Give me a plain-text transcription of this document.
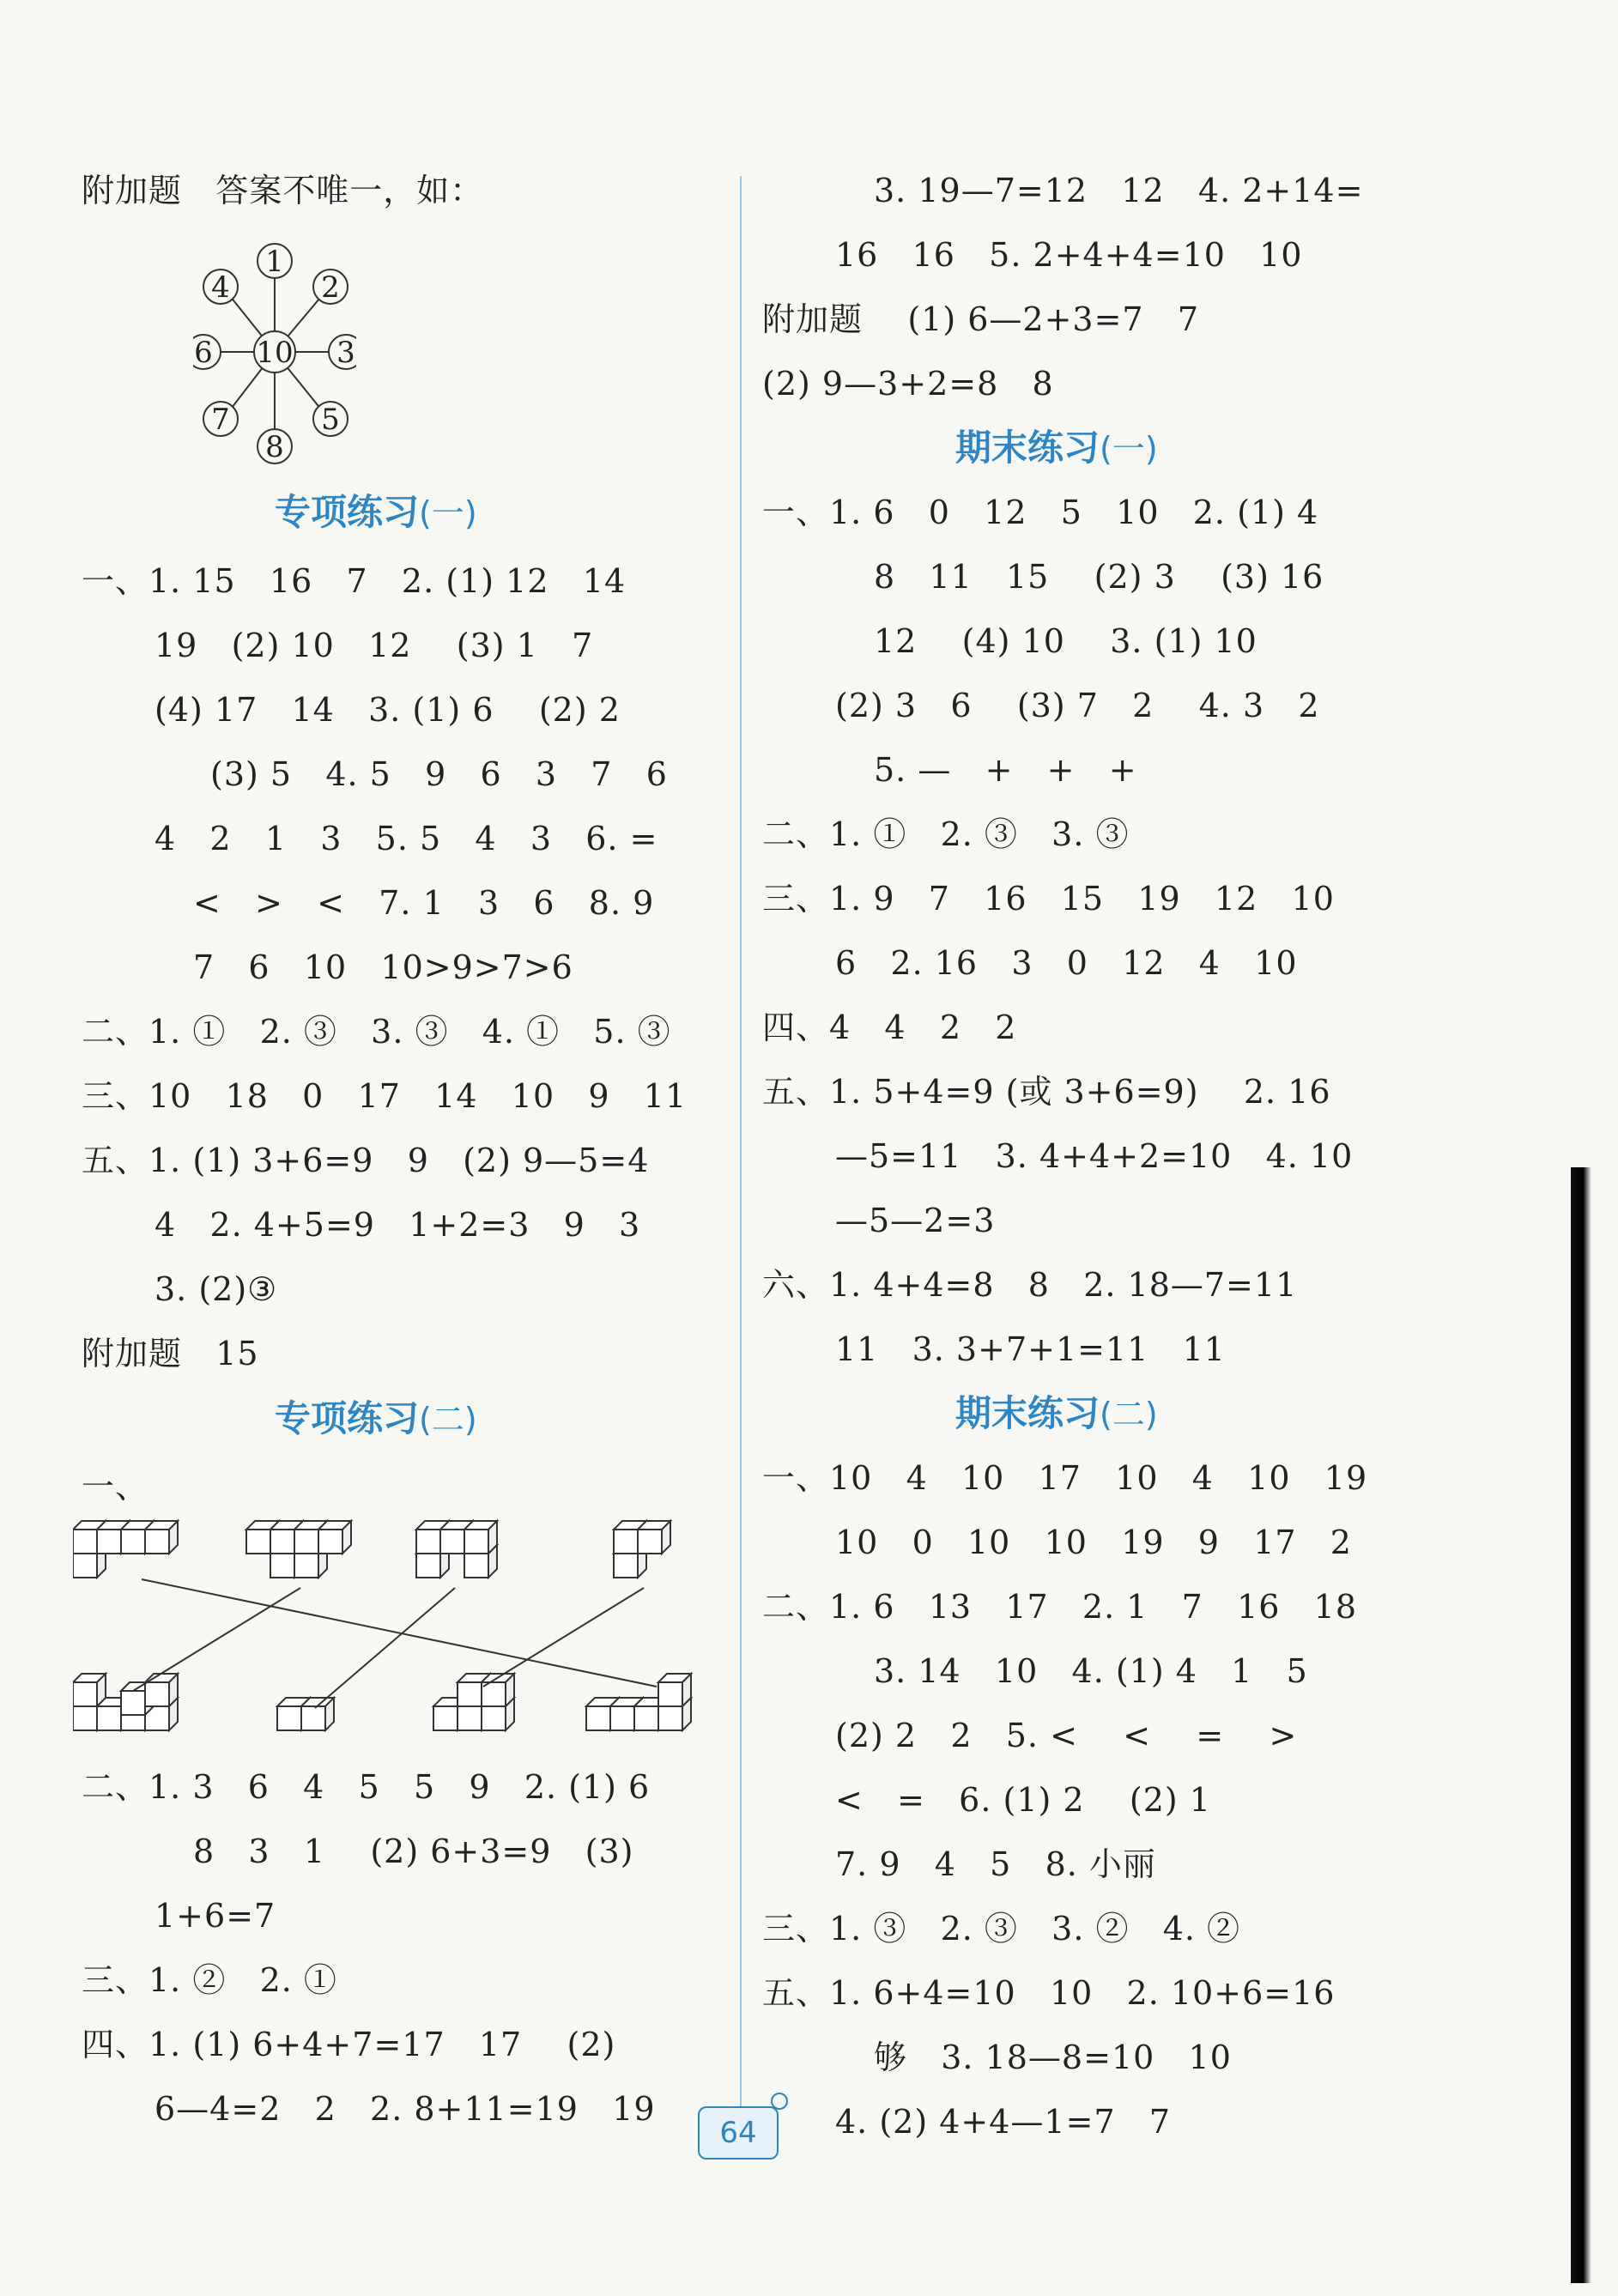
附加题   答案不唯一，如：
一、1. 15   16   7   2. (1) 12   14
19   (2) 10   12    (3) 1   7
(4) 17   14   3. (1) 6    (2) 2
(3) 5   4. 5   9   6   3   7   6
4   2   1   3   5. 5   4   3   6. =
<   >   <   7. 1   3   6   8. 9
7   6   10   10>9>7>6
二、1. ①   2. ③   3. ③   4. ①   5. ③
三、10   18   0   17   14   10   9   11
五、1. (1) 3+6=9   9   (2) 9—5=4
4   2. 4+5=9   1+2=3   9   3
3. (2)③
附加题   15
一、
二、1. 3   6   4   5   5   9   2. (1) 6
8   3   1    (2) 6+3=9   (3)
1+6=7
三、1. ②   2. ①
四、1. (1) 6+4+7=17   17    (2)
6—4=2   2   2. 8+11=19   19
专项练习(一)
专项练习(二)
3. 19—7=12   12   4. 2+14=
16   16   5. 2+4+4=10   10
附加题    (1) 6—2+3=7   7
(2) 9—3+2=8   8
一、1. 6   0   12   5   10   2. (1) 4
8   11   15    (2) 3    (3) 16
12    (4) 10    3. (1) 10
(2) 3   6    (3) 7   2    4. 3   2
5. —   +   +   +
二、1. ①   2. ③   3. ③
三、1. 9   7   16   15   19   12   10
6   2. 16   3   0   12   4   10
四、4   4   2   2
五、1. 5+4=9 (或 3+6=9)    2. 16
—5=11   3. 4+4+2=10   4. 10
—5—2=3
六、1. 4+4=8   8   2. 18—7=11
11   3. 3+7+1=11   11
一、10   4   10   17   10   4   10   19
10   0   10   10   19   9   17   2
二、1. 6   13   17   2. 1   7   16   18
3. 14   10   4. (1) 4   1   5
(2) 2   2   5. <    <    =    >
<   =   6. (1) 2    (2) 1
7. 9   4   5   8. 小丽
三、1. ③   2. ③   3. ②   4. ②
五、1. 6+4=10   10   2. 10+6=16
够   3. 18—8=10   10
4. (2) 4+4—1=7   7
期末练习(一)
期末练习(二)
10
1
2
3
5
8
7
6
4
64
